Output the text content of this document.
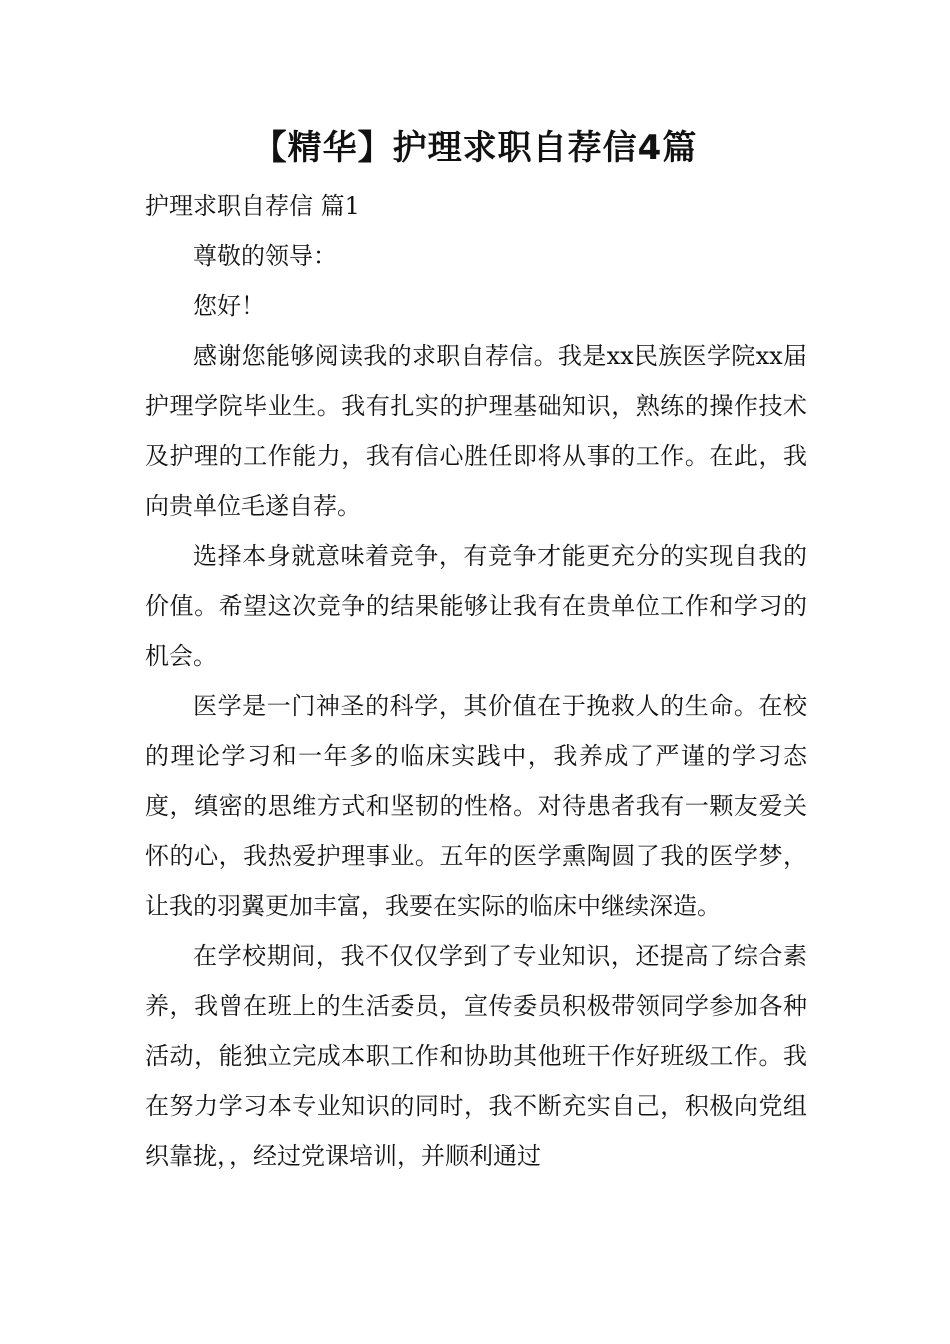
【精华】护理求职自荐信4篇

护理求职自荐信 篇1

尊敬的领导：

您好！

感谢您能够阅读我的求职自荐信。我是xx民族医学院xx届护理学院毕业生。我有扎实的护理基础知识，熟练的操作技术及护理的工作能力，我有信心胜任即将从事的工作。在此，我向贵单位毛遂自荐。

选择本身就意味着竞争，有竞争才能更充分的实现自我的价值。希望这次竞争的结果能够让我有在贵单位工作和学习的机会。

医学是一门神圣的科学，其价值在于挽救人的生命。在校的理论学习和一年多的临床实践中，我养成了严谨的学习态度，缜密的思维方式和坚韧的性格。对待患者我有一颗友爱关怀的心，我热爱护理事业。五年的医学熏陶圆了我的医学梦，让我的羽翼更加丰富，我要在实际的临床中继续深造。

在学校期间，我不仅仅学到了专业知识，还提高了综合素养，我曾在班上的生活委员，宣传委员积极带领同学参加各种活动，能独立完成本职工作和协助其他班干作好班级工作。我在努力学习本专业知识的同时，我不断充实自己，积极向党组织靠拢，，经过党课培训，并顺利通过
